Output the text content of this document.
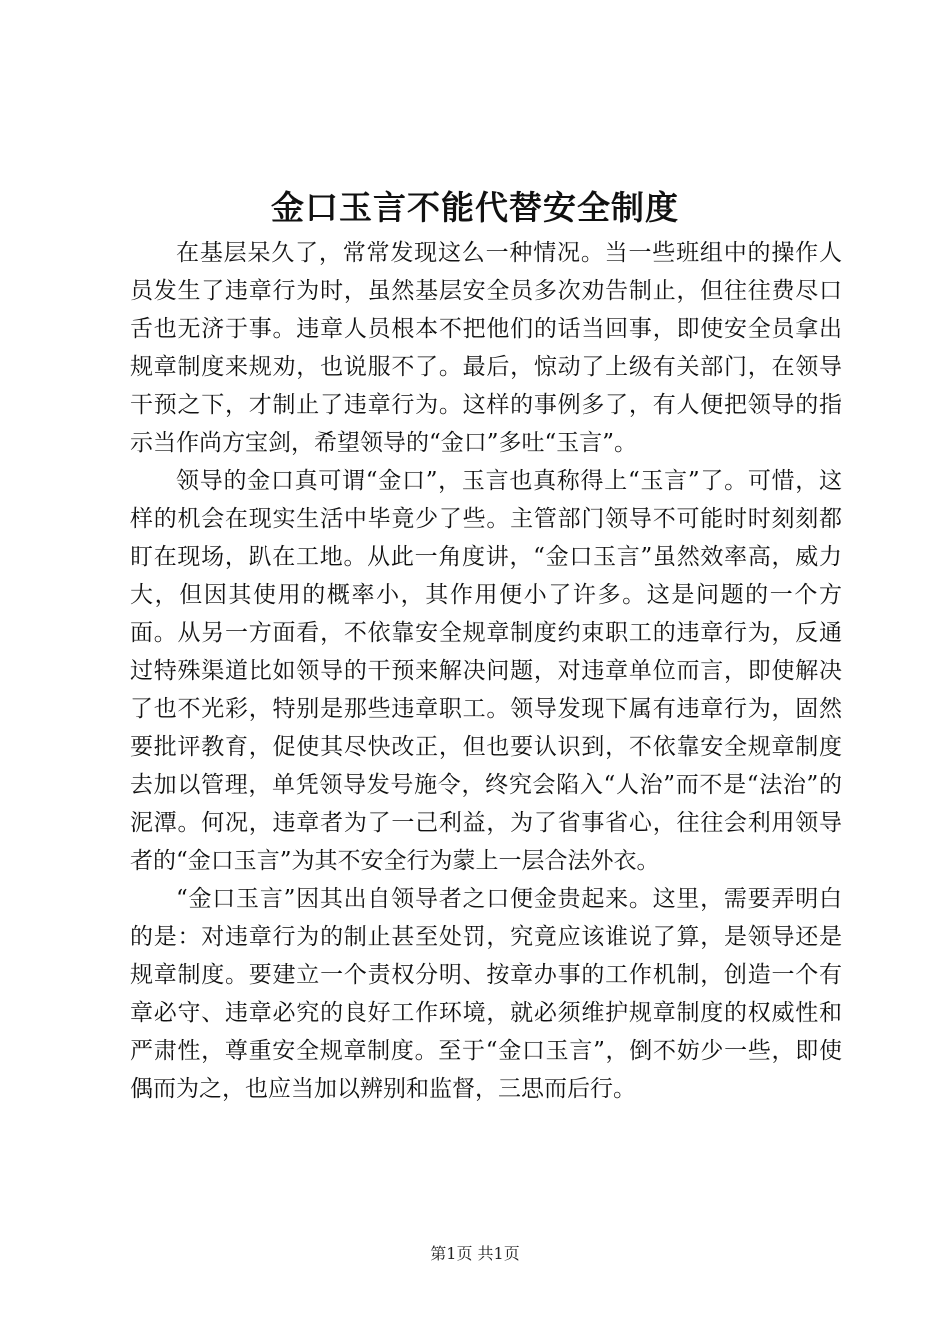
金口玉言不能代替安全制度

在基层呆久了，常常发现这么一种情况。当一些班组中的操作人员发生了违章行为时，虽然基层安全员多次劝告制止，但往往费尽口舌也无济于事。违章人员根本不把他们的话当回事，即使安全员拿出规章制度来规劝，也说服不了。最后，惊动了上级有关部门，在领导干预之下，才制止了违章行为。这样的事例多了，有人便把领导的指示当作尚方宝剑，希望领导的“金口”多吐“玉言”。

领导的金口真可谓“金口”，玉言也真称得上“玉言”了。可惜，这样的机会在现实生活中毕竟少了些。主管部门领导不可能时时刻刻都盯在现场，趴在工地。从此一角度讲，“金口玉言”虽然效率高，威力大，但因其使用的概率小，其作用便小了许多。这是问题的一个方面。从另一方面看，不依靠安全规章制度约束职工的违章行为，反通过特殊渠道比如领导的干预来解决问题，对违章单位而言，即使解决了也不光彩，特别是那些违章职工。领导发现下属有违章行为，固然要批评教育，促使其尽快改正，但也要认识到，不依靠安全规章制度去加以管理，单凭领导发号施令，终究会陷入“人治”而不是“法治”的泥潭。何况，违章者为了一己利益，为了省事省心，往往会利用领导者的“金口玉言”为其不安全行为蒙上一层合法外衣。

“金口玉言”因其出自领导者之口便金贵起来。这里，需要弄明白的是：对违章行为的制止甚至处罚，究竟应该谁说了算，是领导还是规章制度。要建立一个责权分明、按章办事的工作机制，创造一个有章必守、违章必究的良好工作环境，就必须维护规章制度的权威性和严肃性，尊重安全规章制度。至于“金口玉言”，倒不妨少一些，即使偶而为之，也应当加以辨别和监督，三思而后行。

第1页 共1页
